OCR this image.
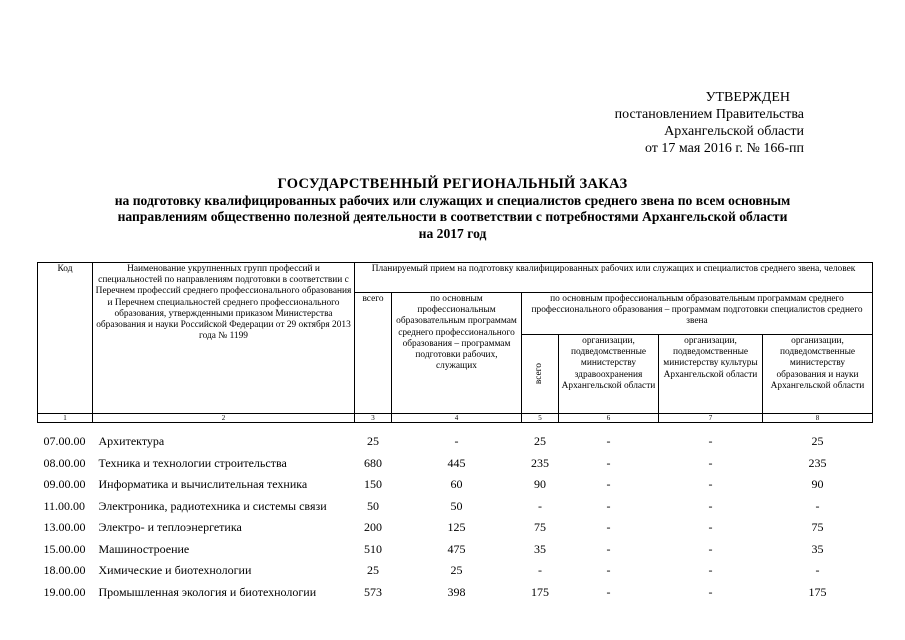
УТВЕРЖДЕН
постановлением Правительства
Архангельской области
от 17 мая 2016 г. № 166-пп
ГОСУДАРСТВЕННЫЙ РЕГИОНАЛЬНЫЙ ЗАКАЗ
на подготовку квалифицированных рабочих или служащих и специалистов среднего звена по всем основным
направлениям общественно полезной деятельности в соответствии с потребностями Архангельской области
на 2017 год
Код	Наименование укрупненных групп профессий и специальностей по направлениям подготовки в соответствии с Перечнем профессий среднего профессионального образования и Перечнем специальностей среднего профессионального образования, утвержденными приказом Министерства образования и науки Российской Федерации от 29 октября 2013 года № 1199	Планируемый прием на подготовку квалифицированных рабочих или служащих и специалистов среднего звена, человек					
		всего	по основным профессиональным образовательным программам среднего профессионального образования – программам подготовки рабочих, служащих	по основным профессиональным образовательным программам среднего профессионального образования – программам подготовки специалистов среднего звена			
				всего	организации, подведомственные министерству здравоохранения Архангельской области	организации, подведомственные министерству культуры Архангельской области	организации, подведомственные министерству образования и науки Архангельской области
1	2	3	4	5	6	7	8

07.00.00	Архитектура	25	-	25	-	-	25
08.00.00	Техника и технологии строительства	680	445	235	-	-	235
09.00.00	Информатика и вычислительная техника	150	60	90	-	-	90
11.00.00	Электроника, радиотехника и системы связи	50	50	-	-	-	-
13.00.00	Электро- и теплоэнергетика	200	125	75	-	-	75
15.00.00	Машиностроение	510	475	35	-	-	35
18.00.00	Химические и биотехнологии	25	25	-	-	-	-
19.00.00	Промышленная экология и биотехнологии	573	398	175	-	-	175
